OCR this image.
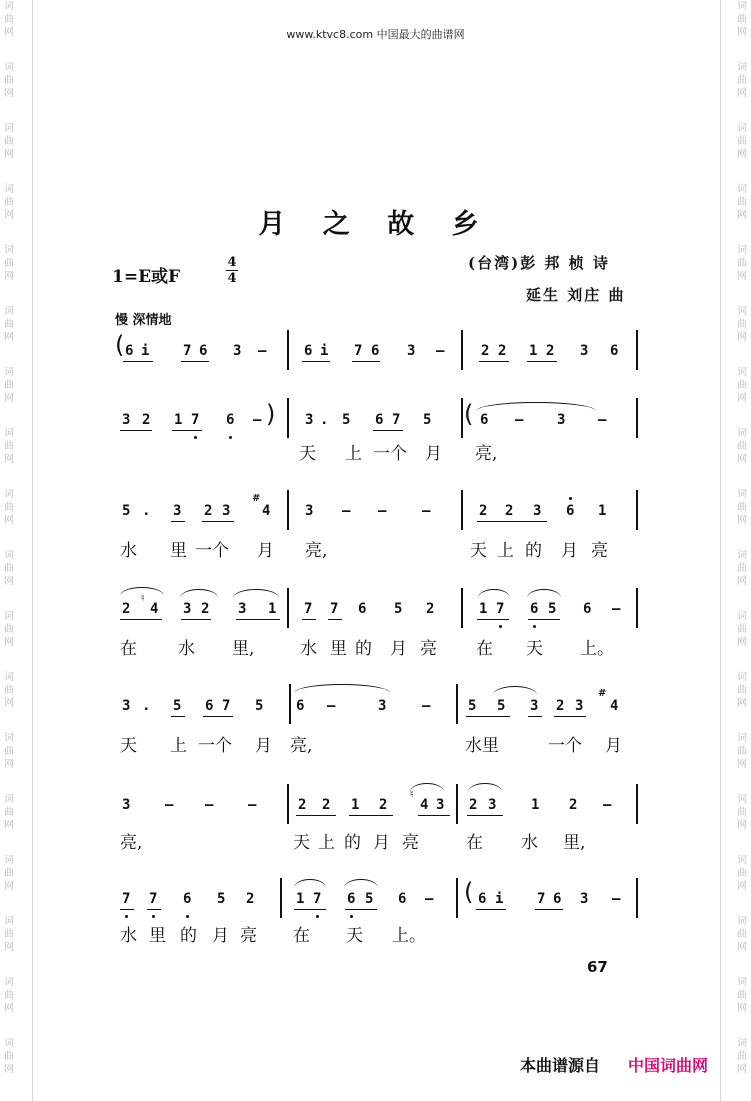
词
曲
网
词
曲
网
词
曲
网
词
曲
网
词
曲
网
词
曲
网
词
曲
网
词
曲
网
词
曲
网
词
曲
网
词
曲
网
词
曲
网
词
曲
网
词
曲
网
词
曲
网
词
曲
网
词
曲
网
词
曲
网
词
曲
网
词
曲
网
词
曲
网
词
曲
网
词
曲
网
词
曲
网
词
曲
网
词
曲
网
词
曲
网
词
曲
网
词
曲
网
词
曲
网
词
曲
网
词
曲
网
词
曲
网
词
曲
网
词
曲
网
词
曲
网
www.ktvc8.com 中国最大的曲谱网
月 之 故 乡
1=E或F
4
4
(台湾)彭 邦 桢 诗
延生 刘庄 曲
慢 深情地
( 6 i 7 6 3 –	6 i 7 6 3 –	2 2 1 2 3 6
3 2 1 7 6 – ) 3 . 5 6 7 5 ( 6 – 3 –
天 上 一个 月 亮,
5 . 3 2 3
#
4 3 – –	–	2 2 3 6 1
水 里 一个 月 亮,	天 上 的 月 亮
2
♮
4 3 2 3 1 7 7 6 5 2	1 7 6 5 6 –
在 水 里,	水 里 的 月 亮 在 天 上。
3 . 5 6 7 5 6 –	3	–	5 5 3 2 3
#
4
天 上 一个 月 亮,	水里	一个 月
3 – – –	2 2 1 2
♮
4 3 2 3 1 2 –
亮,	天 上 的 月 亮	在 水 里,
7 7 6 5 2	1 7 6 5 6 – ( 6 i 7 6 3 –
水 里 的 月 亮 在 天 上。
67
本曲谱源自 中国词曲网
